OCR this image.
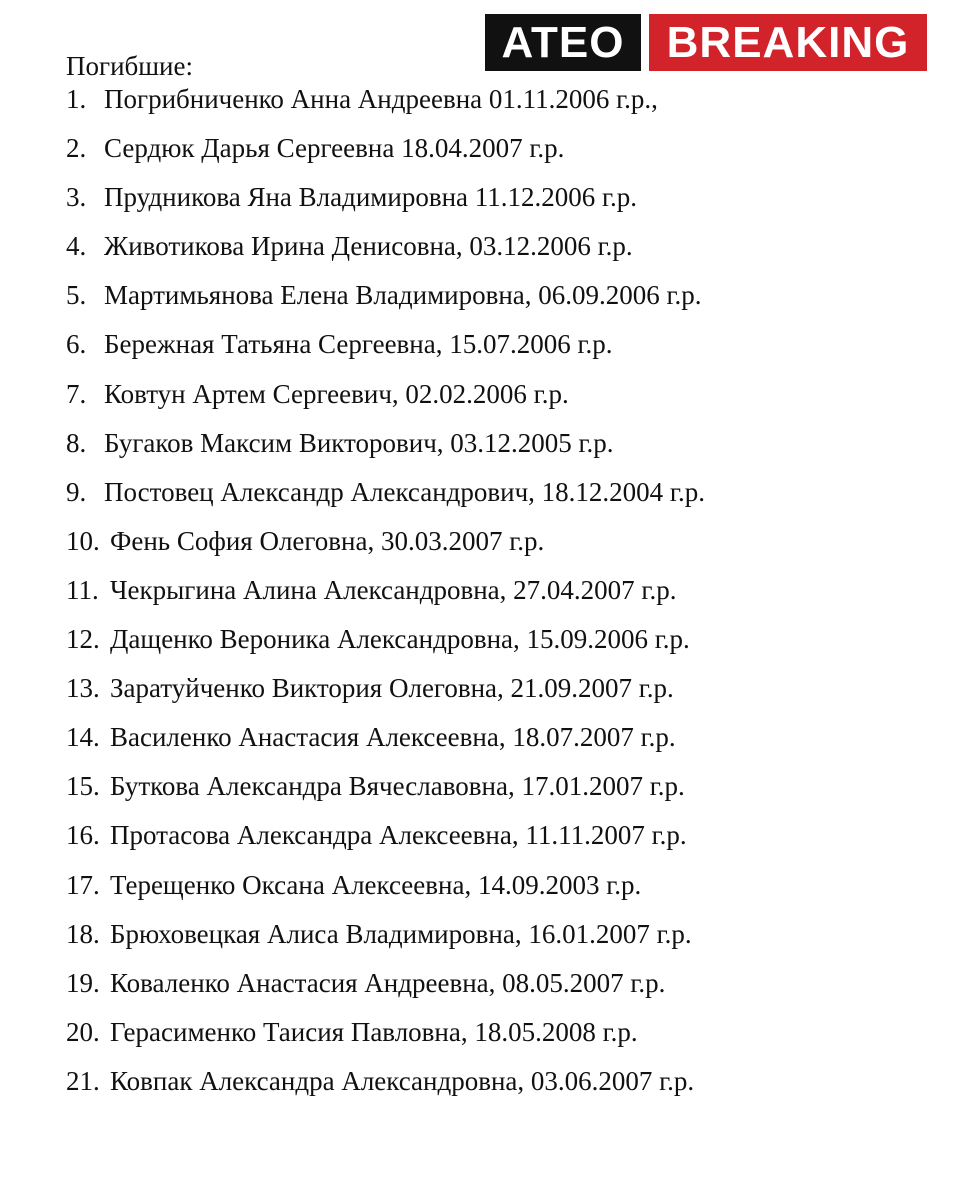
ATEO BREAKING
Погибшие:
1. Погрибниченко Анна Андреевна 01.11.2006 г.р.,
2. Сердюк Дарья Сергеевна 18.04.2007 г.р.
3. Прудникова Яна Владимировна 11.12.2006 г.р.
4. Животикова Ирина Денисовна, 03.12.2006 г.р.
5. Мартимьянова Елена Владимировна, 06.09.2006 г.р.
6. Бережная Татьяна Сергеевна, 15.07.2006 г.р.
7. Ковтун Артем Сергеевич, 02.02.2006 г.р.
8. Бугаков Максим Викторович, 03.12.2005 г.р.
9. Постовец Александр Александрович, 18.12.2004 г.р.
10. Фень София Олеговна, 30.03.2007 г.р.
11. Чекрыгина Алина Александровна, 27.04.2007 г.р.
12. Дащенко Вероника Александровна, 15.09.2006 г.р.
13. Заратуйченко Виктория Олеговна, 21.09.2007 г.р.
14. Василенко Анастасия Алексеевна, 18.07.2007 г.р.
15. Буткова Александра Вячеславовна, 17.01.2007 г.р.
16. Протасова Александра Алексеевна, 11.11.2007 г.р.
17. Терещенко Оксана Алексеевна, 14.09.2003 г.р.
18. Брюховецкая Алиса Владимировна, 16.01.2007 г.р.
19. Коваленко Анастасия Андреевна, 08.05.2007 г.р.
20. Герасименко Таисия Павловна, 18.05.2008 г.р.
21. Ковпак Александра Александровна, 03.06.2007 г.р.
